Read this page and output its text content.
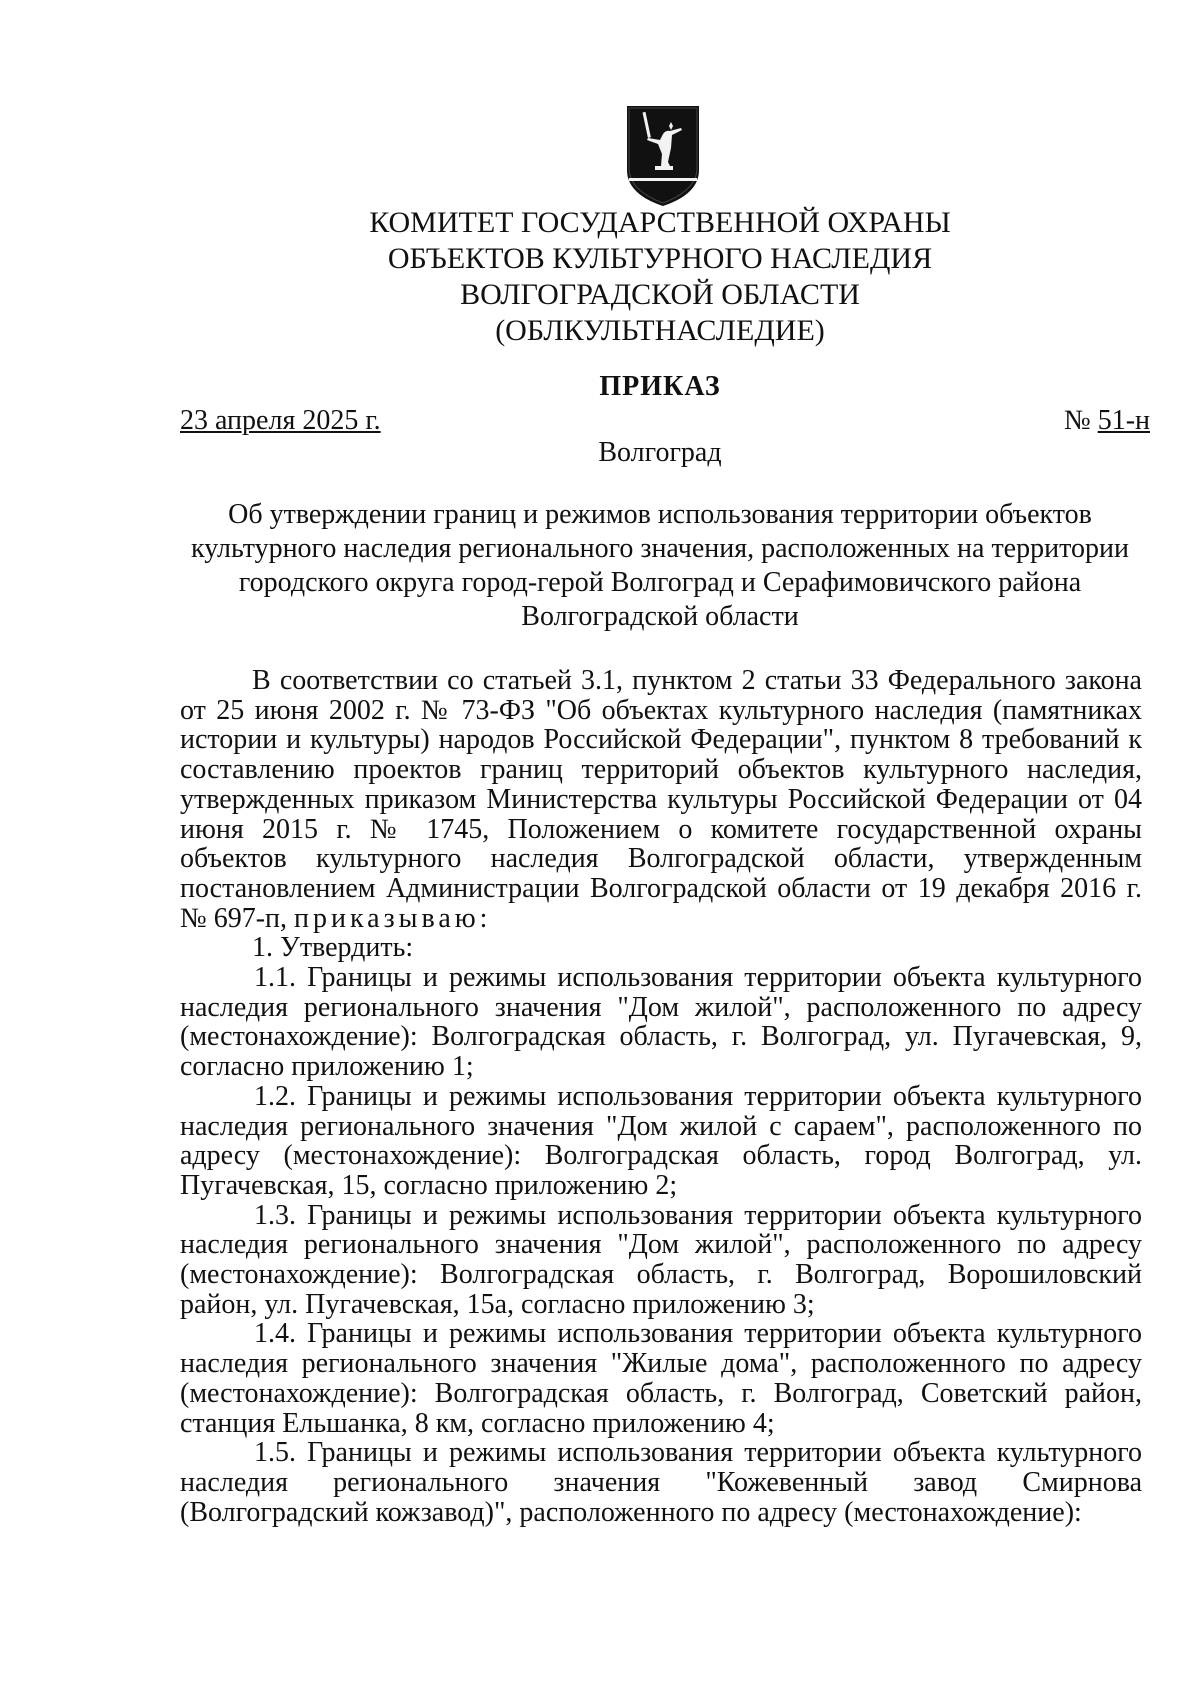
КОМИТЕТ ГОСУДАРСТВЕННОЙ ОХРАНЫ
ОБЪЕКТОВ КУЛЬТУРНОГО НАСЛЕДИЯ
ВОЛГОГРАДСКОЙ ОБЛАСТИ
(ОБЛКУЛЬТНАСЛЕДИЕ)
ПРИКАЗ
23 апреля 2025 г.	№ 51-н
Волгоград
Об утверждении границ и режимов использования территории объектов культурного наследия регионального значения, расположенных на территории городского округа город-герой Волгоград и Серафимовичского района Волгоградской области

В соответствии со статьей 3.1, пунктом 2 статьи 33 Федерального закона от 25 июня 2002 г. № 73-ФЗ "Об объектах культурного наследия (памятниках истории и культуры) народов Российской Федерации", пунктом 8 требований к составлению проектов границ территорий объектов культурного наследия, утвержденных приказом Министерства культуры Российской Федерации от 04 июня 2015 г. № 1745, Положением о комитете государственной охраны объектов культурного наследия Волгоградской области, утвержденным постановлением Администрации Волгоградской области от 19 декабря 2016 г. № 697-п, приказываю:

1. Утвердить:

1.1. Границы и режимы использования территории объекта культурного наследия регионального значения "Дом жилой", расположенного по адресу (местонахождение): Волгоградская область, г. Волгоград, ул. Пугачевская, 9, согласно приложению 1;

1.2. Границы и режимы использования территории объекта культурного наследия регионального значения "Дом жилой с сараем", расположенного по адресу (местонахождение): Волгоградская область, город Волгоград, ул. Пугачевская, 15, согласно приложению 2;

1.3. Границы и режимы использования территории объекта культурного наследия регионального значения "Дом жилой", расположенного по адресу (местонахождение): Волгоградская область, г. Волгоград, Ворошиловский район, ул. Пугачевская, 15а, согласно приложению 3;

1.4. Границы и режимы использования территории объекта культурного наследия регионального значения "Жилые дома", расположенного по адресу (местонахождение): Волгоградская область, г. Волгоград, Советский район, станция Ельшанка, 8 км, согласно приложению 4;

1.5. Границы и режимы использования территории объекта культурного наследия регионального значения "Кожевенный завод Смирнова (Волгоградский кожзавод)", расположенного по адресу (местонахождение):
